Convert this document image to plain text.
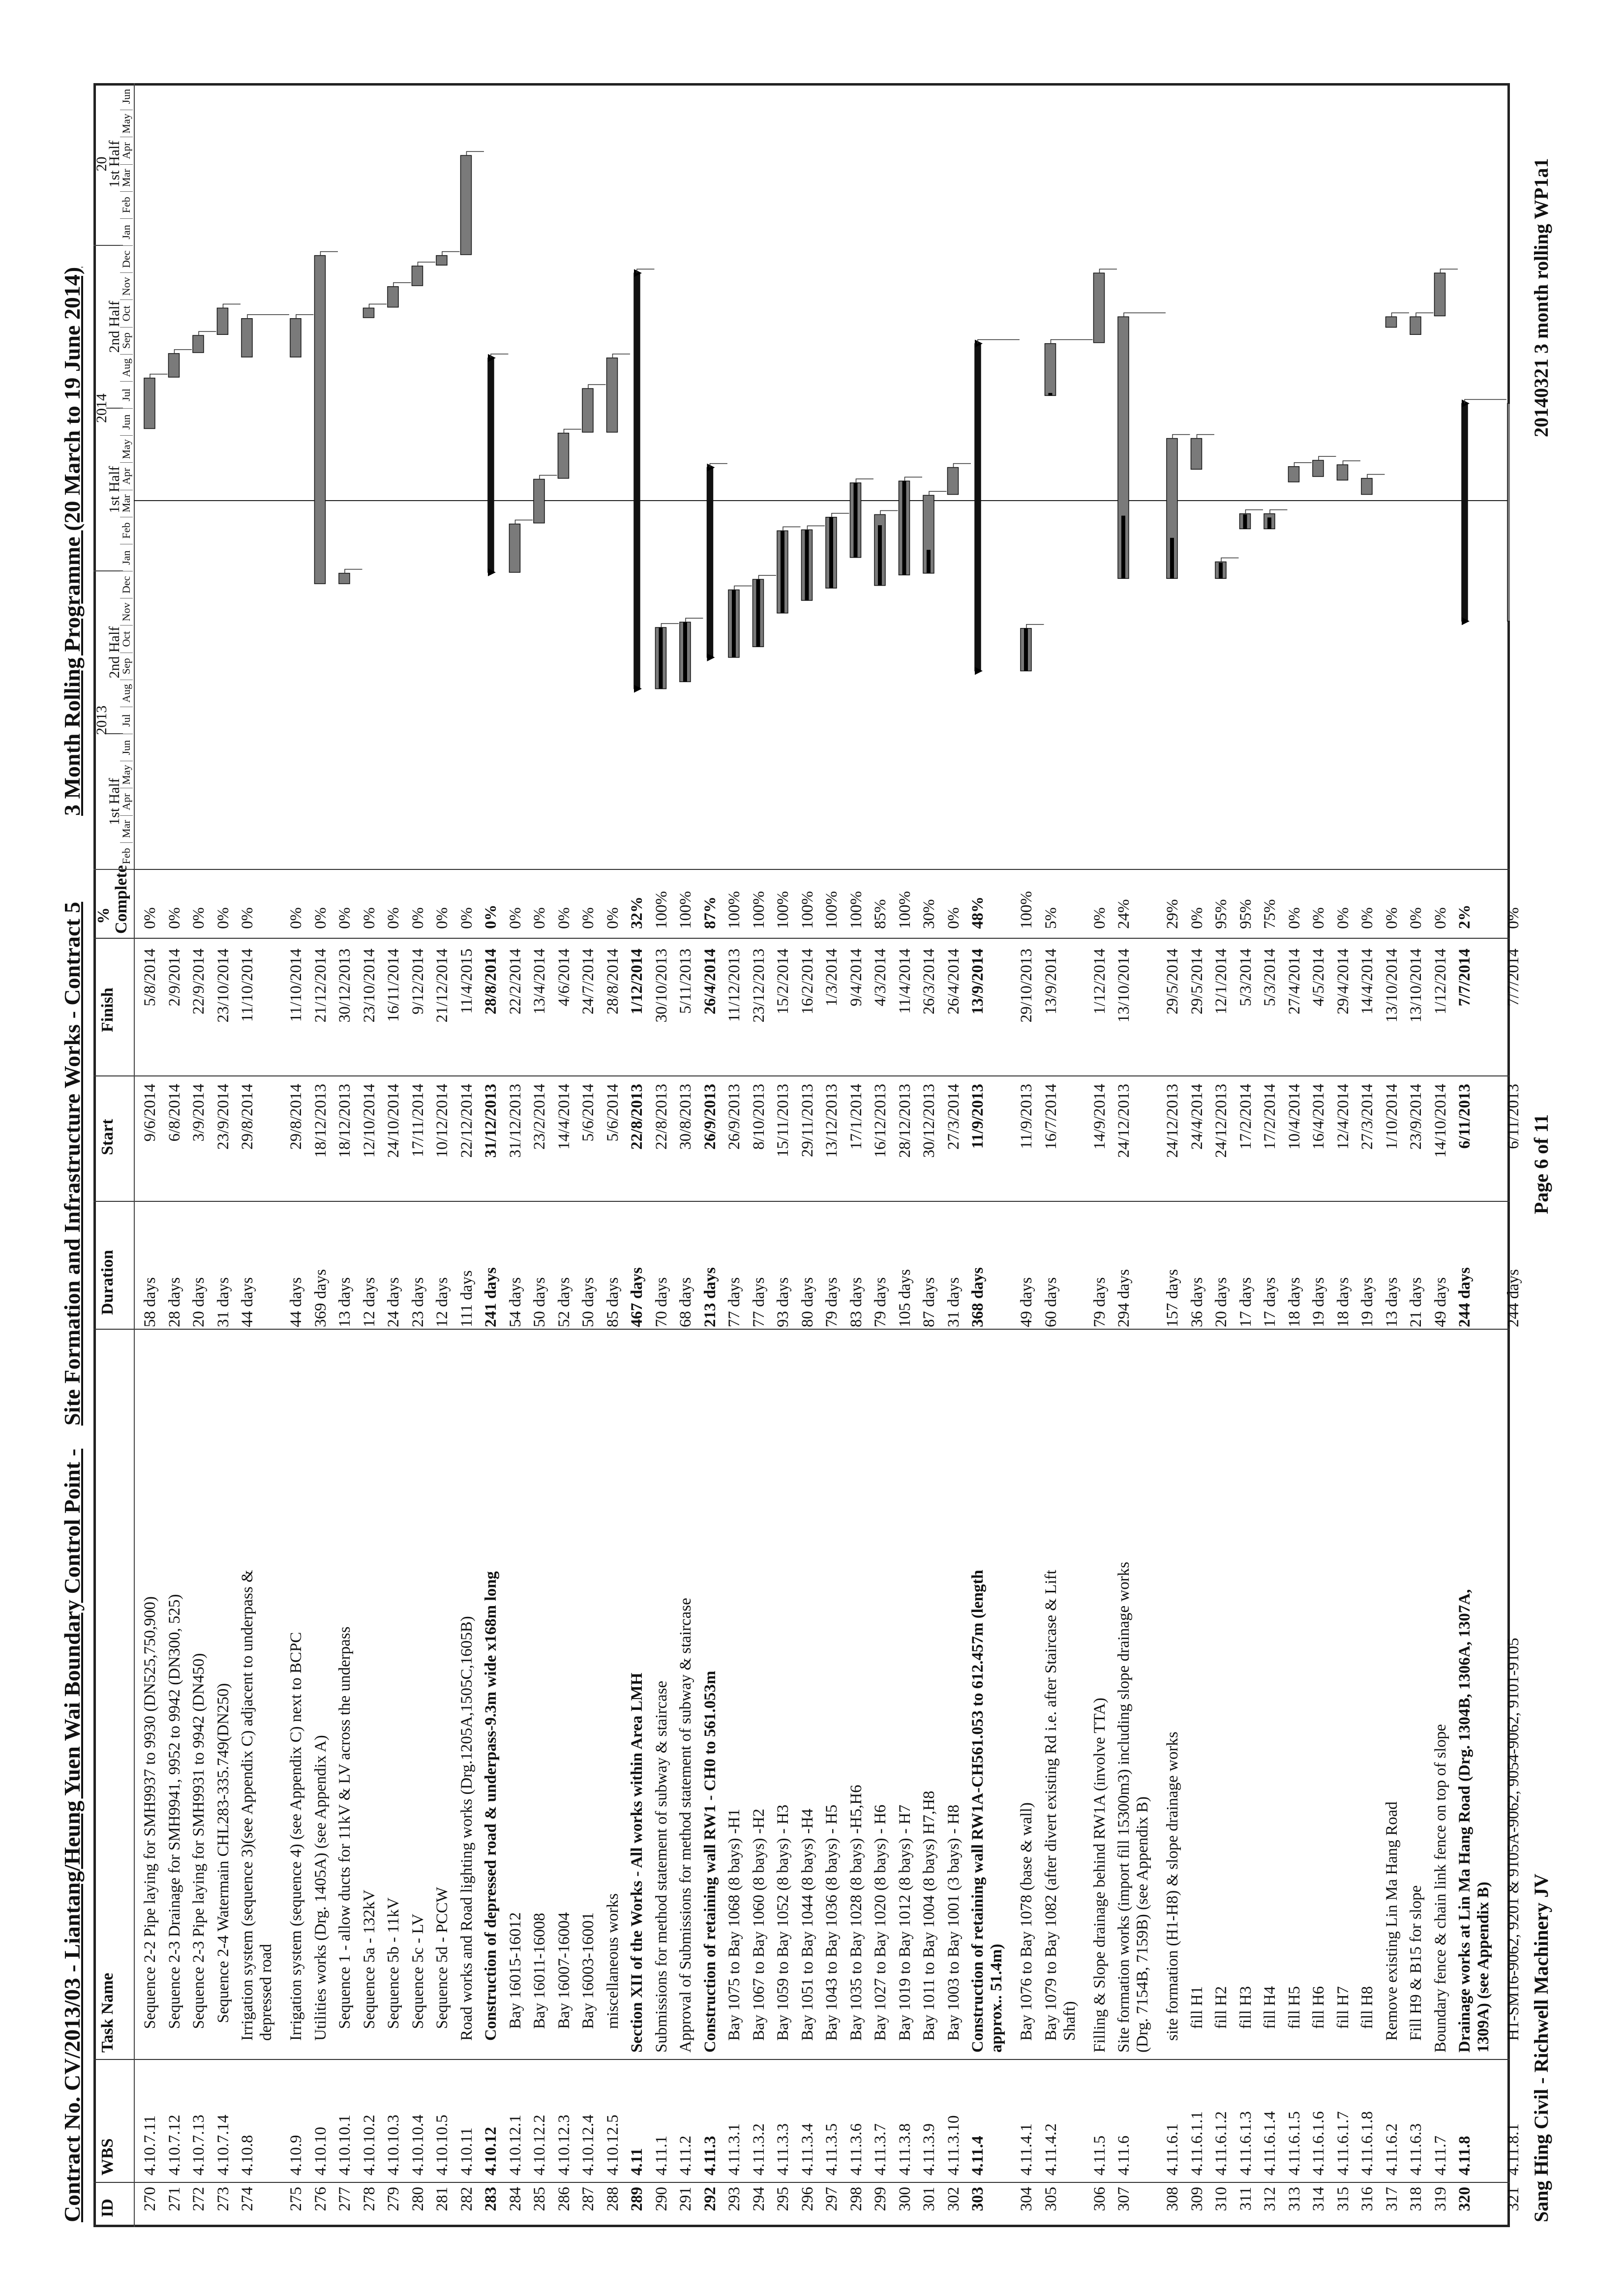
Contract No. CV/2013/03 - Liantang/Heung Yuen Wai Boundary Control Point -
Site Formation and Infrastructure Works - Contract 5
3 Month Rolling Programme (20 March to 19 June 2014)
ID
WBS
Task Name
Duration
Start
Finish
% Complete
2013
2014
20
1st Half
2nd Half
1st Half
2nd Half
1st Half
Feb
Mar
Apr
May
Jun
Jul
Aug
Sep
Oct
Nov
Dec
Jan
Feb
Mar
Apr
May
Jun
Jul
Aug
Sep
Oct
Nov
Dec
Jan
Feb
Mar
Apr
May
Jun
270
4.10.7.11
Sequence 2-2 Pipe laying for SMH9937 to 9930 (DN525,750,900)
58 days
9/6/2014
5/8/2014
0%
271
4.10.7.12
Sequence 2-3 Drainage for SMH9941, 9952 to 9942 (DN300, 525)
28 days
6/8/2014
2/9/2014
0%
272
4.10.7.13
Sequence 2-3 Pipe laying for SMH9931 to 9942 (DN450)
20 days
3/9/2014
22/9/2014
0%
273
4.10.7.14
Sequence 2-4 Watermain CHL283-335.749(DN250)
31 days
23/9/2014
23/10/2014
0%
274
4.10.8
Irrigation system (sequence 3)(see Appendix C) adjacent to underpass & depressed road
44 days
29/8/2014
11/10/2014
0%
275
4.10.9
Irrigation system (sequence 4) (see Appendix C) next to BCPC
44 days
29/8/2014
11/10/2014
0%
276
4.10.10
Utilities works (Drg. 1405A) (see Appendix A)
369 days
18/12/2013
21/12/2014
0%
277
4.10.10.1
Sequence 1 - allow ducts for 11kV & LV across the underpass
13 days
18/12/2013
30/12/2013
0%
278
4.10.10.2
Sequence 5a - 132kV
12 days
12/10/2014
23/10/2014
0%
279
4.10.10.3
Sequence 5b - 11kV
24 days
24/10/2014
16/11/2014
0%
280
4.10.10.4
Sequence 5c - LV
23 days
17/11/2014
9/12/2014
0%
281
4.10.10.5
Sequence 5d - PCCW
12 days
10/12/2014
21/12/2014
0%
282
4.10.11
Road works and Road lighting works (Drg.1205A,1505C,1605B)
111 days
22/12/2014
11/4/2015
0%
283
4.10.12
Construction of depressed road & underpass-9.3m wide x168m long
241 days
31/12/2013
28/8/2014
0%
284
4.10.12.1
Bay 16015-16012
54 days
31/12/2013
22/2/2014
0%
285
4.10.12.2
Bay 16011-16008
50 days
23/2/2014
13/4/2014
0%
286
4.10.12.3
Bay 16007-16004
52 days
14/4/2014
4/6/2014
0%
287
4.10.12.4
Bay 16003-16001
50 days
5/6/2014
24/7/2014
0%
288
4.10.12.5
miscellaneous works
85 days
5/6/2014
28/8/2014
0%
289
4.11
Section XII of the Works - All works within Area LMH
467 days
22/8/2013
1/12/2014
32%
290
4.11.1
Submissions for method statement of subway & staircase
70 days
22/8/2013
30/10/2013
100%
291
4.11.2
Approval of Submissions for method statement of subway & staircase
68 days
30/8/2013
5/11/2013
100%
292
4.11.3
Construction of retaining wall RW1 - CH0 to 561.053m
213 days
26/9/2013
26/4/2014
87%
293
4.11.3.1
Bay 1075 to Bay 1068 (8 bays) -H1
77 days
26/9/2013
11/12/2013
100%
294
4.11.3.2
Bay 1067 to Bay 1060 (8 bays) -H2
77 days
8/10/2013
23/12/2013
100%
295
4.11.3.3
Bay 1059 to Bay 1052 (8 bays) - H3
93 days
15/11/2013
15/2/2014
100%
296
4.11.3.4
Bay 1051 to Bay 1044 (8 bays) -H4
80 days
29/11/2013
16/2/2014
100%
297
4.11.3.5
Bay 1043 to Bay 1036 (8 bays) - H5
79 days
13/12/2013
1/3/2014
100%
298
4.11.3.6
Bay 1035 to Bay 1028 (8 bays) -H5,H6
83 days
17/1/2014
9/4/2014
100%
299
4.11.3.7
Bay 1027 to Bay 1020 (8 bays) - H6
79 days
16/12/2013
4/3/2014
85%
300
4.11.3.8
Bay 1019 to Bay 1012 (8 bays) - H7
105 days
28/12/2013
11/4/2014
100%
301
4.11.3.9
Bay 1011 to Bay 1004 (8 bays) H7,H8
87 days
30/12/2013
26/3/2014
30%
302
4.11.3.10
Bay 1003 to Bay 1001 (3 bays) - H8
31 days
27/3/2014
26/4/2014
0%
303
4.11.4
Construction of retaining wall RW1A-CH561.053 to 612.457m (length approx.. 51.4m)
368 days
11/9/2013
13/9/2014
48%
304
4.11.4.1
Bay 1076 to Bay 1078 (base & wall)
49 days
11/9/2013
29/10/2013
100%
305
4.11.4.2
Bay 1079 to Bay 1082 (after divert existing Rd i.e. after Staircase & Lift Shaft)
60 days
16/7/2014
13/9/2014
5%
306
4.11.5
Filling & Slope drainage behind RW1A (involve TTA)
79 days
14/9/2014
1/12/2014
0%
307
4.11.6
Site formation works (import fill 15300m3) including slope drainage works (Drg. 7154B, 7159B) (see Appendix B)
294 days
24/12/2013
13/10/2014
24%
308
4.11.6.1
site formation (H1-H8) & slope drainage works
157 days
24/12/2013
29/5/2014
29%
309
4.11.6.1.1
fill H1
36 days
24/4/2014
29/5/2014
0%
310
4.11.6.1.2
fill H2
20 days
24/12/2013
12/1/2014
95%
311
4.11.6.1.3
fill H3
17 days
17/2/2014
5/3/2014
95%
312
4.11.6.1.4
fill H4
17 days
17/2/2014
5/3/2014
75%
313
4.11.6.1.5
fill H5
18 days
10/4/2014
27/4/2014
0%
314
4.11.6.1.6
fill H6
19 days
16/4/2014
4/5/2014
0%
315
4.11.6.1.7
fill H7
18 days
12/4/2014
29/4/2014
0%
316
4.11.6.1.8
fill H8
19 days
27/3/2014
14/4/2014
0%
317
4.11.6.2
Remove existing Lin Ma Hang Road
13 days
1/10/2014
13/10/2014
0%
318
4.11.6.3
Fill H9 & B15 for slope
21 days
23/9/2014
13/10/2014
0%
319
4.11.7
Boundary fence & chain link fence on top of slope
49 days
14/10/2014
1/12/2014
0%
320
4.11.8
Drainage works at Lin Ma Hang Road (Drg. 1304B, 1306A, 1307A, 1309A) (see Appendix B)
244 days
6/11/2013
7/7/2014
2%
321
4.11.8.1
H1-SM16-9062, 9201 & 9105A-9062, 9054-9062, 9101-9105
244 days
6/11/2013
7/7/2014
0%
Sang Hing Civil - Richwell Machinery JV
Page 6 of 11
20140321 3 month rolling WP1a1
